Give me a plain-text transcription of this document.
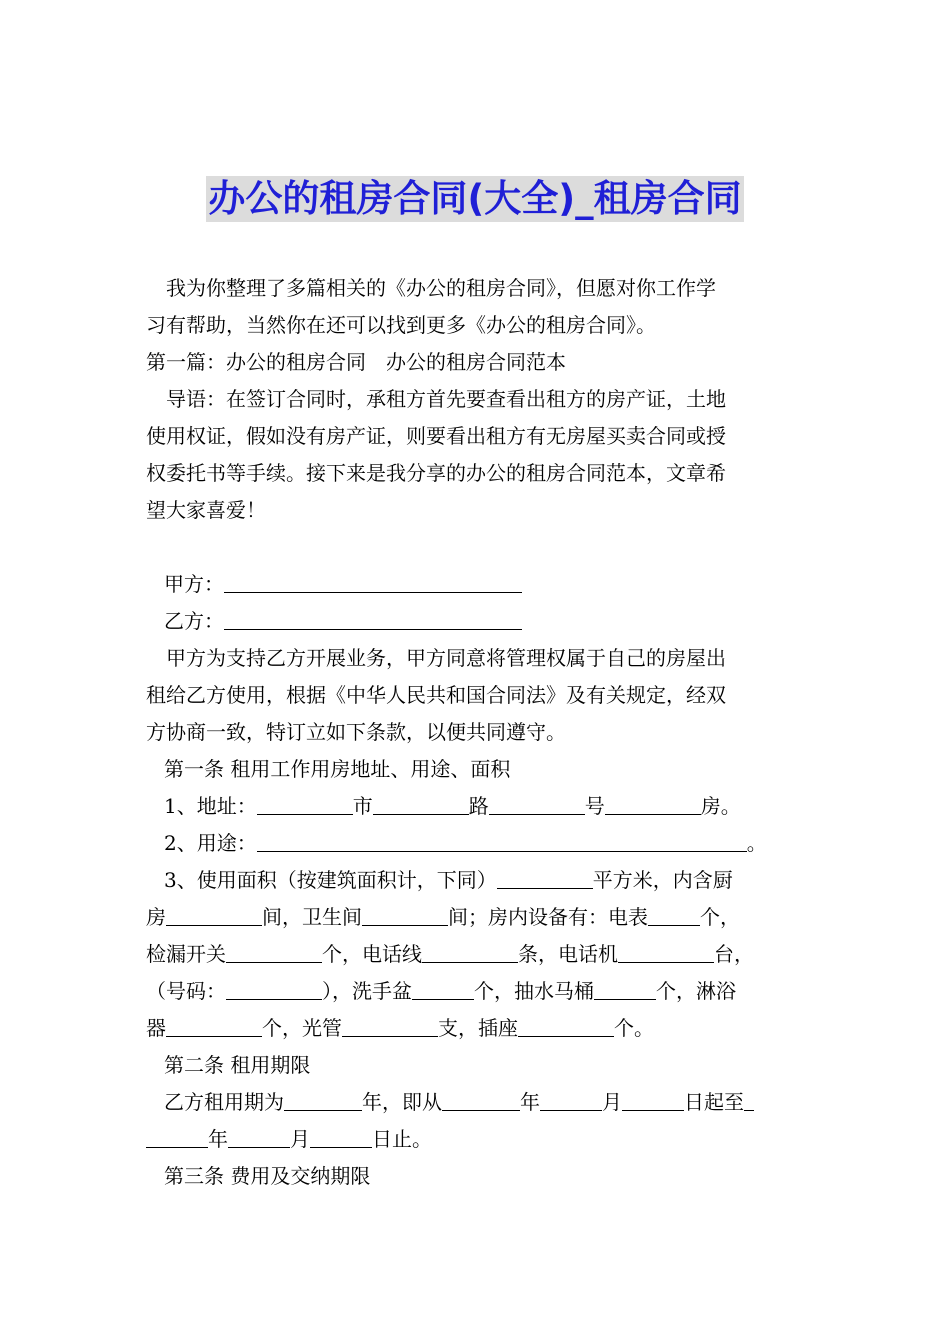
办公的租房合同(大全)_租房合同

我为你整理了多篇相关的《办公的租房合同》，但愿对你工作学

习有帮助，当然你在还可以找到更多《办公的租房合同》。

第一篇：办公的租房合同　办公的租房合同范本

导语：在签订合同时，承租方首先要查看出租方的房产证，土地

使用权证，假如没有房产证，则要看出租方有无房屋买卖合同或授

权委托书等手续。接下来是我分享的办公的租房合同范本，文章希

望大家喜爱！

甲方：

乙方：

甲方为支持乙方开展业务，甲方同意将管理权属于自己的房屋出

租给乙方使用，根据《中华人民共和国合同法》及有关规定，经双

方协商一致，特订立如下条款，以便共同遵守。

第一条 租用工作用房地址、用途、面积

1、地址：	市	路	号	房。

2、用途：	。

3、使用面积（按建筑面积计，下同）	平方米，内含厨

房	间，卫生间	间；房内设备有：电表	个，

检漏开关	个，电话线	条，电话机	台，

（号码：	），洗手盆	个，抽水马桶	个，淋浴

器	个，光管	支，插座	个。

第二条 租用期限

乙方租用期为	年，即从	年	月	日起至

年	月	日止。

第三条 费用及交纳期限
